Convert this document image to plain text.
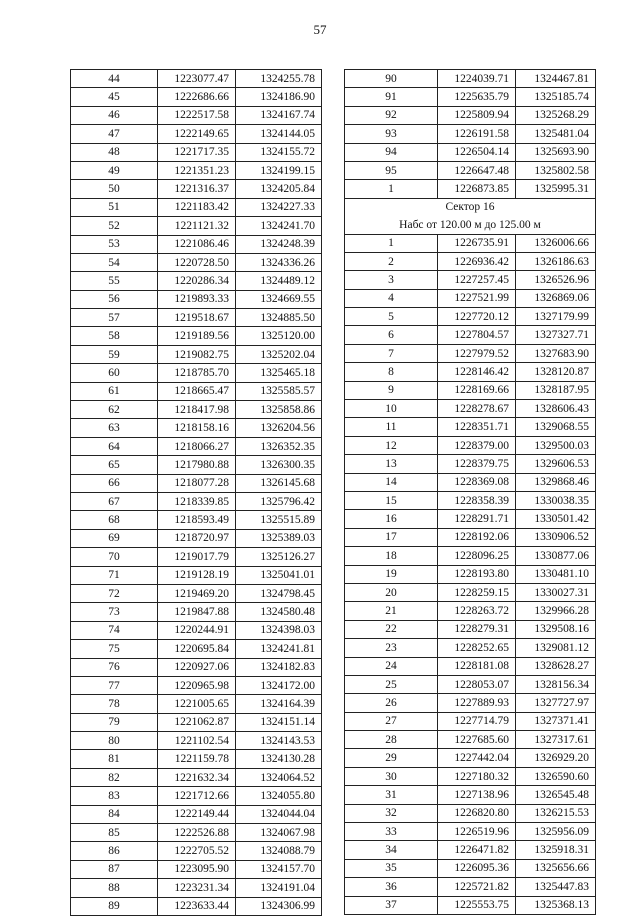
57
44	1223077.47	1324255.78
45	1222686.66	1324186.90
46	1222517.58	1324167.74
47	1222149.65	1324144.05
48	1221717.35	1324155.72
49	1221351.23	1324199.15
50	1221316.37	1324205.84
51	1221183.42	1324227.33
52	1221121.32	1324241.70
53	1221086.46	1324248.39
54	1220728.50	1324336.26
55	1220286.34	1324489.12
56	1219893.33	1324669.55
57	1219518.67	1324885.50
58	1219189.56	1325120.00
59	1219082.75	1325202.04
60	1218785.70	1325465.18
61	1218665.47	1325585.57
62	1218417.98	1325858.86
63	1218158.16	1326204.56
64	1218066.27	1326352.35
65	1217980.88	1326300.35
66	1218077.28	1326145.68
67	1218339.85	1325796.42
68	1218593.49	1325515.89
69	1218720.97	1325389.03
70	1219017.79	1325126.27
71	1219128.19	1325041.01
72	1219469.20	1324798.45
73	1219847.88	1324580.48
74	1220244.91	1324398.03
75	1220695.84	1324241.81
76	1220927.06	1324182.83
77	1220965.98	1324172.00
78	1221005.65	1324164.39
79	1221062.87	1324151.14
80	1221102.54	1324143.53
81	1221159.78	1324130.28
82	1221632.34	1324064.52
83	1221712.66	1324055.80
84	1222149.44	1324044.04
85	1222526.88	1324067.98
86	1222705.52	1324088.79
87	1223095.90	1324157.70
88	1223231.34	1324191.04
89	1223633.44	1324306.99
90	1224039.71	1324467.81
91	1225635.79	1325185.74
92	1225809.94	1325268.29
93	1226191.58	1325481.04
94	1226504.14	1325693.90
95	1226647.48	1325802.58
1	1226873.85	1325995.31
Сектор 16		
Набс от 120.00 м до 125.00 м		
1	1226735.91	1326006.66
2	1226936.42	1326186.63
3	1227257.45	1326526.96
4	1227521.99	1326869.06
5	1227720.12	1327179.99
6	1227804.57	1327327.71
7	1227979.52	1327683.90
8	1228146.42	1328120.87
9	1228169.66	1328187.95
10	1228278.67	1328606.43
11	1228351.71	1329068.55
12	1228379.00	1329500.03
13	1228379.75	1329606.53
14	1228369.08	1329868.46
15	1228358.39	1330038.35
16	1228291.71	1330501.42
17	1228192.06	1330906.52
18	1228096.25	1330877.06
19	1228193.80	1330481.10
20	1228259.15	1330027.31
21	1228263.72	1329966.28
22	1228279.31	1329508.16
23	1228252.65	1329081.12
24	1228181.08	1328628.27
25	1228053.07	1328156.34
26	1227889.93	1327727.97
27	1227714.79	1327371.41
28	1227685.60	1327317.61
29	1227442.04	1326929.20
30	1227180.32	1326590.60
31	1227138.96	1326545.48
32	1226820.80	1326215.53
33	1226519.96	1325956.09
34	1226471.82	1325918.31
35	1226095.36	1325656.66
36	1225721.82	1325447.83
37	1225553.75	1325368.13
